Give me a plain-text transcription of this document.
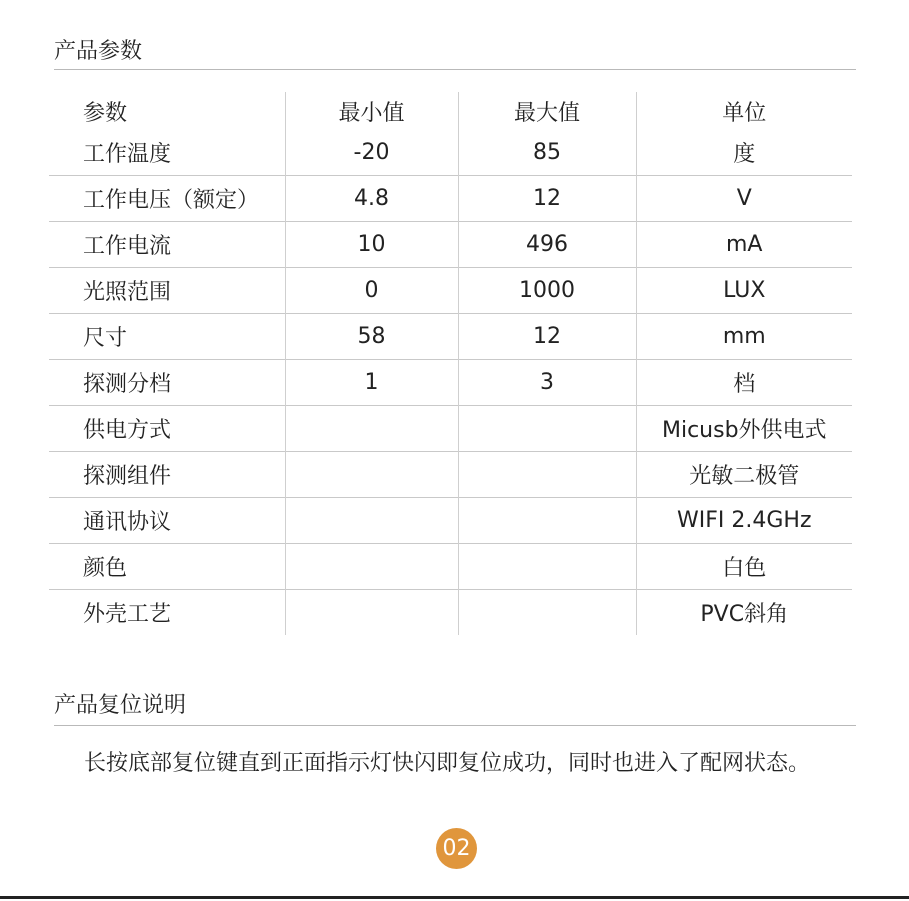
产品参数
参数	最小值	最大值	单位
工作温度	-20	85	度
工作电压（额定）	4.8	12	V
工作电流	10	496	mA
光照范围	0	1000	LUX
尺寸	58	12	mm
探测分档	1	3	档
供电方式			Micusb外供电式
探测组件			光敏二极管
通讯协议			WIFI 2.4GHz
颜色			白色
外壳工艺			PVC斜角
产品复位说明
长按底部复位键直到正面指示灯快闪即复位成功，同时也进入了配网状态。
02
